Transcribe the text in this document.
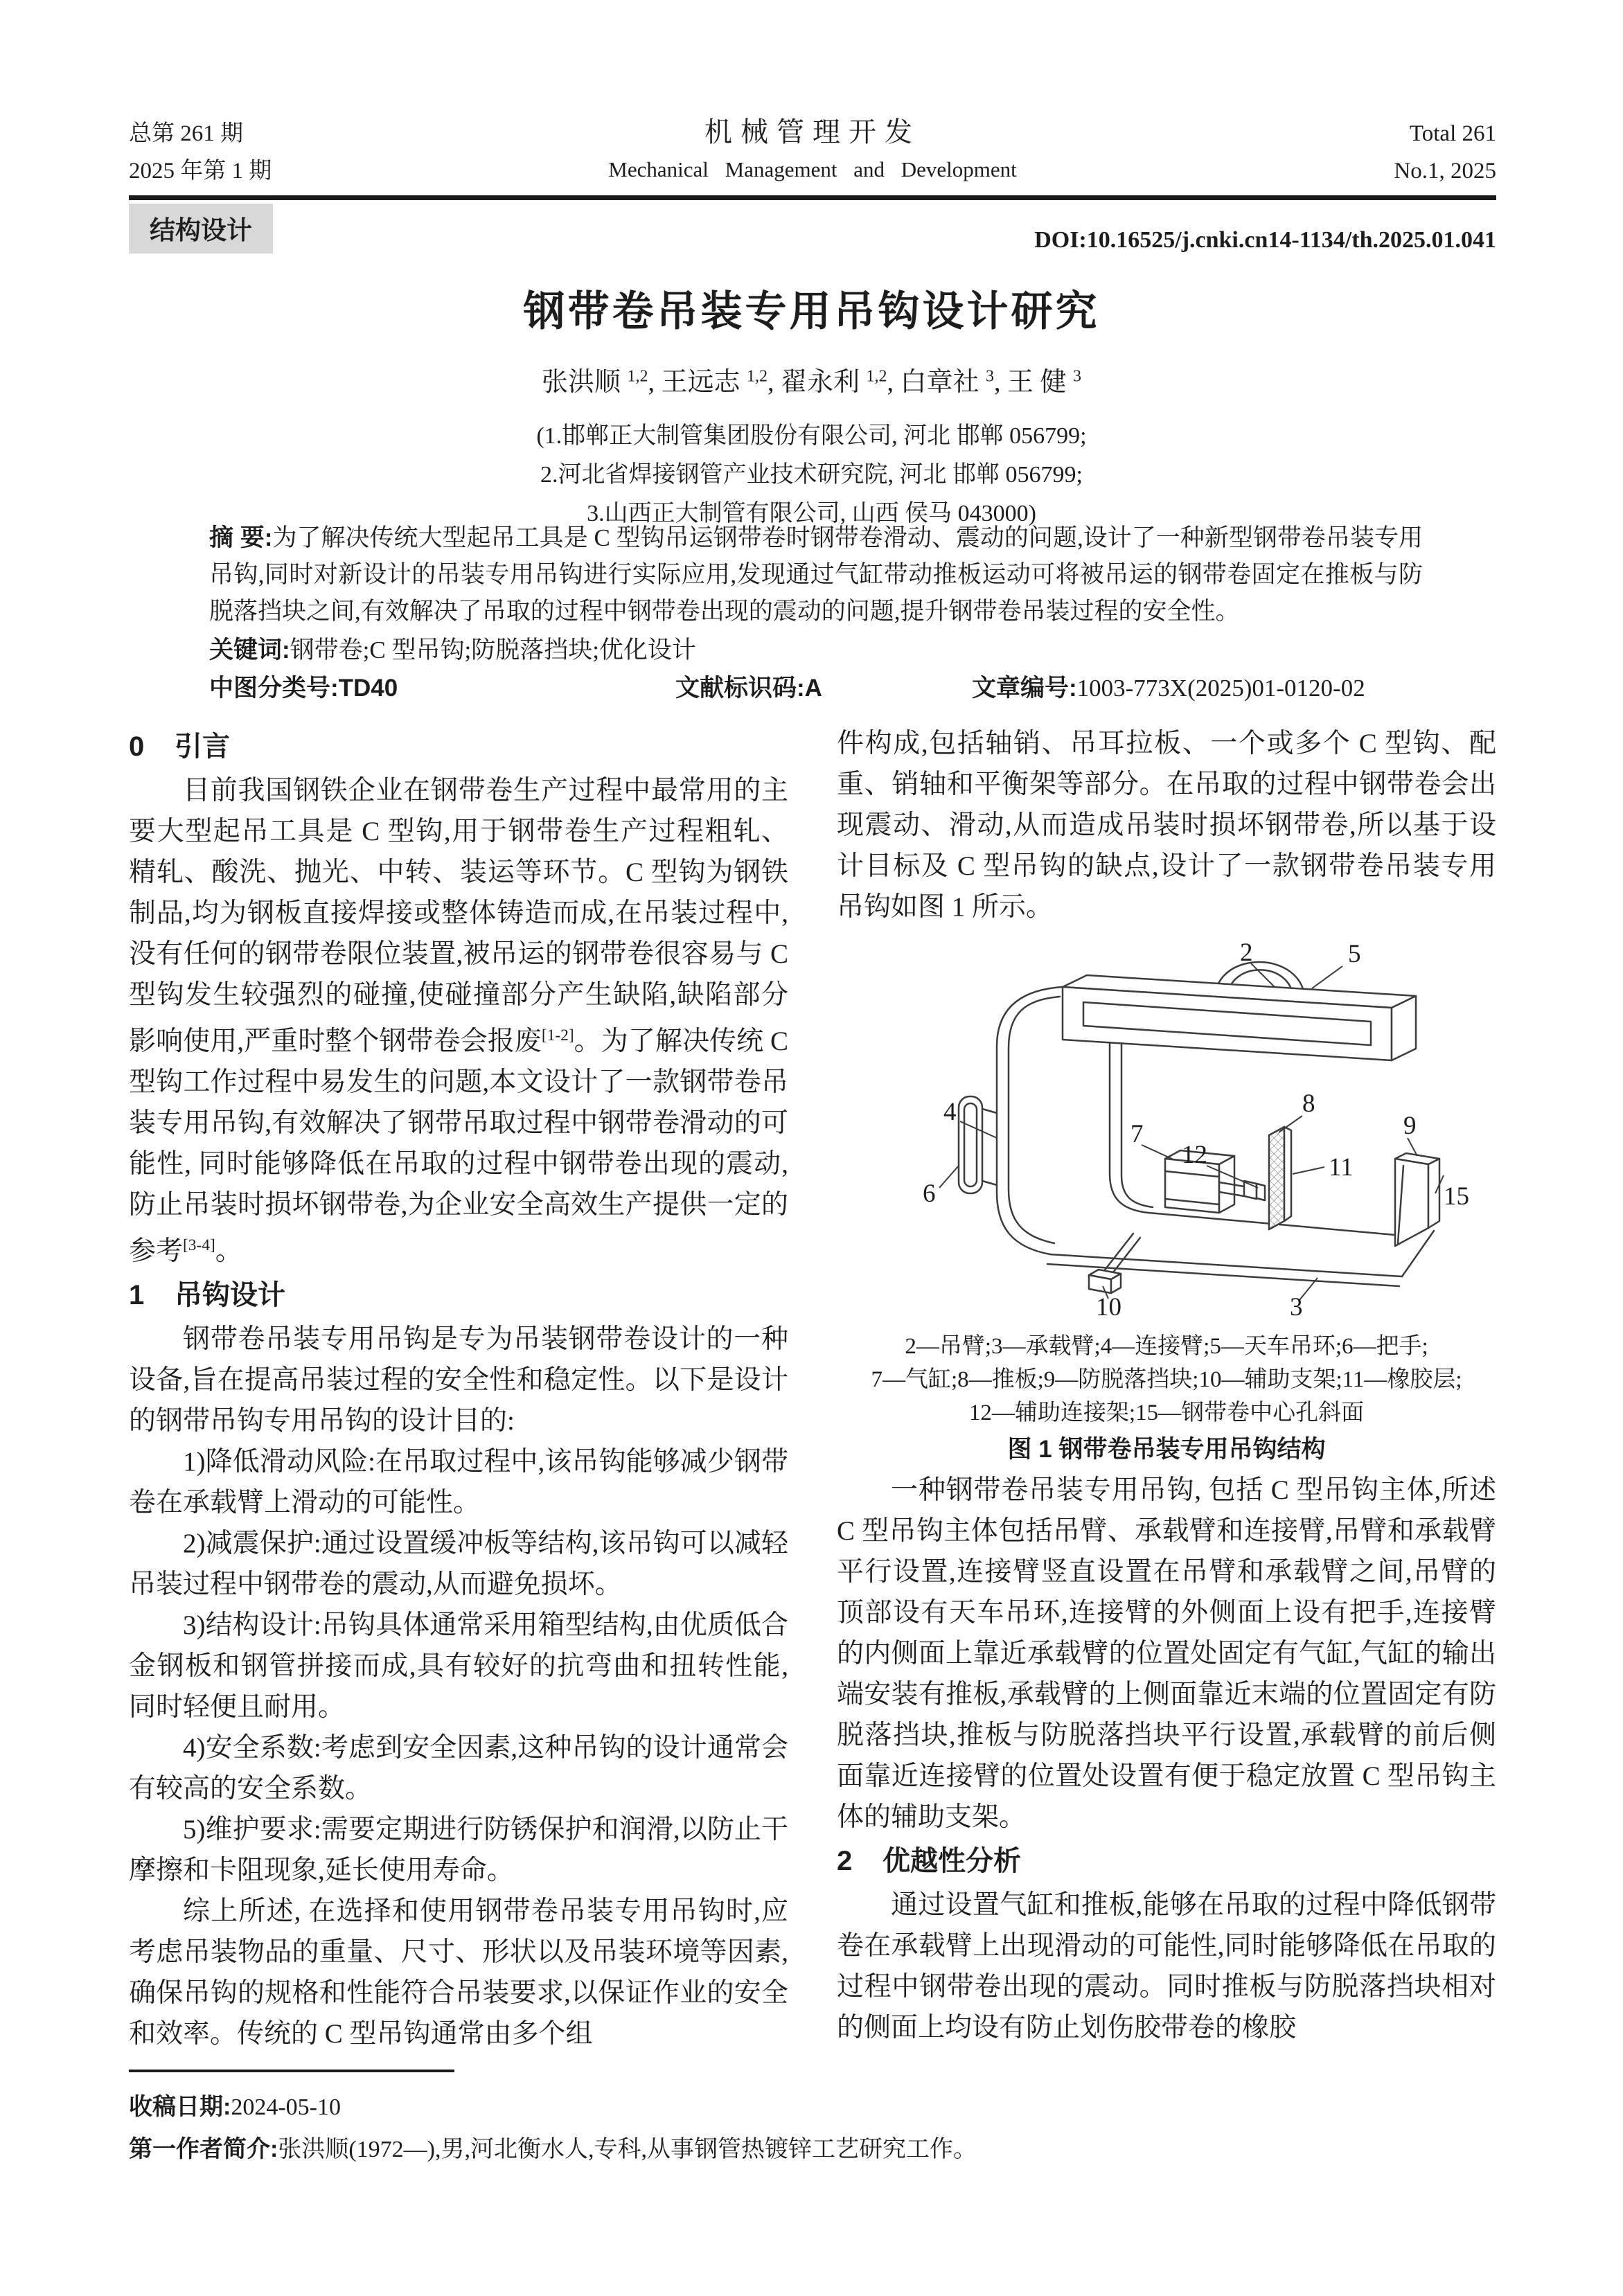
总第 261 期
2025 年第 1 期
机械管理开发
Mechanical Management and Development
Total 261
No.1, 2025
结构设计	DOI:10.16525/j.cnki.cn14-1134/th.2025.01.041
钢带卷吊装专用吊钩设计研究
张洪顺 $^{1,2}$, 王远志 $^{1,2}$, 翟永利 $^{1,2}$, 白章社 $^3$, 王 健 $^3$
(1.邯郸正大制管集团股份有限公司, 河北 邯郸 056799;
2.河北省焊接钢管产业技术研究院, 河北 邯郸 056799;
3.山西正大制管有限公司, 山西 侯马 043000)
摘 要:为了解决传统大型起吊工具是 C 型钩吊运钢带卷时钢带卷滑动、震动的问题,设计了一种新型钢带卷吊装专用吊钩,同时对新设计的吊装专用吊钩进行实际应用,发现通过气缸带动推板运动可将被吊运的钢带卷固定在推板与防脱落挡块之间,有效解决了吊取的过程中钢带卷出现的震动的问题,提升钢带卷吊装过程的安全性。
关键词:钢带卷;C 型吊钩;防脱落挡块;优化设计
中图分类号:TD40	文献标识码:A	文章编号:1003-773X(2025)01-0120-02
0 引言

目前我国钢铁企业在钢带卷生产过程中最常用的主要大型起吊工具是 C 型钩,用于钢带卷生产过程粗轧、精轧、酸洗、抛光、中转、装运等环节。C 型钩为钢铁制品,均为钢板直接焊接或整体铸造而成,在吊装过程中,没有任何的钢带卷限位装置,被吊运的钢带卷很容易与 C 型钩发生较强烈的碰撞,使碰撞部分产生缺陷,缺陷部分影响使用,严重时整个钢带卷会报废[1-2]。为了解决传统 C 型钩工作过程中易发生的问题,本文设计了一款钢带卷吊装专用吊钩,有效解决了钢带吊取过程中钢带卷滑动的可能性, 同时能够降低在吊取的过程中钢带卷出现的震动,防止吊装时损坏钢带卷,为企业安全高效生产提供一定的参考[3-4]。

1 吊钩设计

钢带卷吊装专用吊钩是专为吊装钢带卷设计的一种设备,旨在提高吊装过程的安全性和稳定性。以下是设计的钢带吊钩专用吊钩的设计目的:

1)降低滑动风险:在吊取过程中,该吊钩能够减少钢带卷在承载臂上滑动的可能性。

2)减震保护:通过设置缓冲板等结构,该吊钩可以减轻吊装过程中钢带卷的震动,从而避免损坏。

3)结构设计:吊钩具体通常采用箱型结构,由优质低合金钢板和钢管拼接而成,具有较好的抗弯曲和扭转性能,同时轻便且耐用。

4)安全系数:考虑到安全因素,这种吊钩的设计通常会有较高的安全系数。

5)维护要求:需要定期进行防锈保护和润滑,以防止干摩擦和卡阻现象,延长使用寿命。

综上所述, 在选择和使用钢带卷吊装专用吊钩时,应考虑吊装物品的重量、尺寸、形状以及吊装环境等因素,确保吊钩的规格和性能符合吊装要求,以保证作业的安全和效率。传统的 C 型吊钩通常由多个组

件构成,包括轴销、吊耳拉板、一个或多个 C 型钩、配重、销轴和平衡架等部分。在吊取的过程中钢带卷会出现震动、滑动,从而造成吊装时损坏钢带卷,所以基于设计目标及 C 型吊钩的缺点,设计了一款钢带卷吊装专用吊钩如图 1 所示。

2	5
4
6
7
12
8
11
9
15
10	3
2—吊臂;3—承载臂;4—连接臂;5—天车吊环;6—把手;
7—气缸;8—推板;9—防脱落挡块;10—辅助支架;11—橡胶层;
12—辅助连接架;15—钢带卷中心孔斜面
图 1 钢带卷吊装专用吊钩结构

一种钢带卷吊装专用吊钩, 包括 C 型吊钩主体,所述 C 型吊钩主体包括吊臂、承载臂和连接臂,吊臂和承载臂平行设置,连接臂竖直设置在吊臂和承载臂之间,吊臂的顶部设有天车吊环,连接臂的外侧面上设有把手,连接臂的内侧面上靠近承载臂的位置处固定有气缸,气缸的输出端安装有推板,承载臂的上侧面靠近末端的位置固定有防脱落挡块,推板与防脱落挡块平行设置,承载臂的前后侧面靠近连接臂的位置处设置有便于稳定放置 C 型吊钩主体的辅助支架。

2 优越性分析

通过设置气缸和推板,能够在吊取的过程中降低钢带卷在承载臂上出现滑动的可能性,同时能够降低在吊取的过程中钢带卷出现的震动。同时推板与防脱落挡块相对的侧面上均设有防止划伤胶带卷的橡胶

收稿日期:2024-05-10
第一作者简介:张洪顺(1972—),男,河北衡水人,专科,从事钢管热镀锌工艺研究工作。
